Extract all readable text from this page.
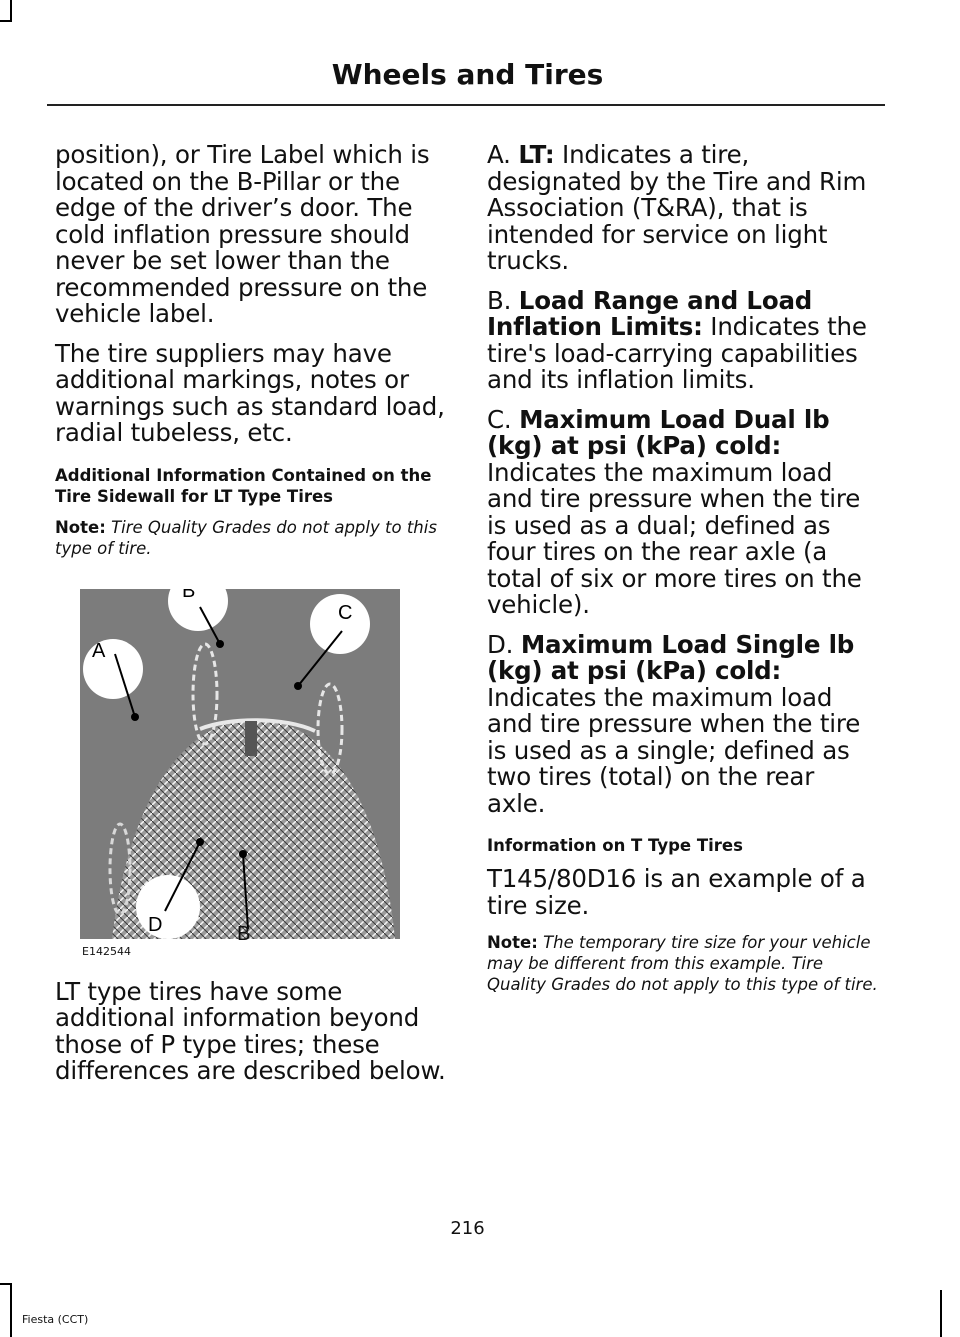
Wheels and Tires

position), or Tire Label which is located on the B-Pillar or the edge of the driver’s door. The cold inflation pressure should never be set lower than the recommended pressure on the vehicle label.

The tire suppliers may have additional markings, notes or warnings such as standard load, radial tubeless, etc.

Additional Information Contained on the Tire Sidewall for LT Type Tires

Note: Tire Quality Grades do not apply to this type of tire.

B
C
A
D	B
E142544

LT type tires have some additional information beyond those of P type tires; these differences are described below.

A. LT: Indicates a tire, designated by the Tire and Rim Association (T&RA), that is intended for service on light trucks.

B. Load Range and Load Inflation Limits: Indicates the tire's load-carrying capabilities and its inflation limits.

C. Maximum Load Dual lb (kg) at psi (kPa) cold: Indicates the maximum load and tire pressure when the tire is used as a dual; defined as four tires on the rear axle (a total of six or more tires on the vehicle).

D. Maximum Load Single lb (kg) at psi (kPa) cold: Indicates the maximum load and tire pressure when the tire is used as a single; defined as two tires (total) on the rear axle.

Information on T Type Tires

T145/80D16 is an example of a tire size.

Note: The temporary tire size for your vehicle may be different from this example. Tire Quality Grades do not apply to this type of tire.

216
Fiesta (CCT)
